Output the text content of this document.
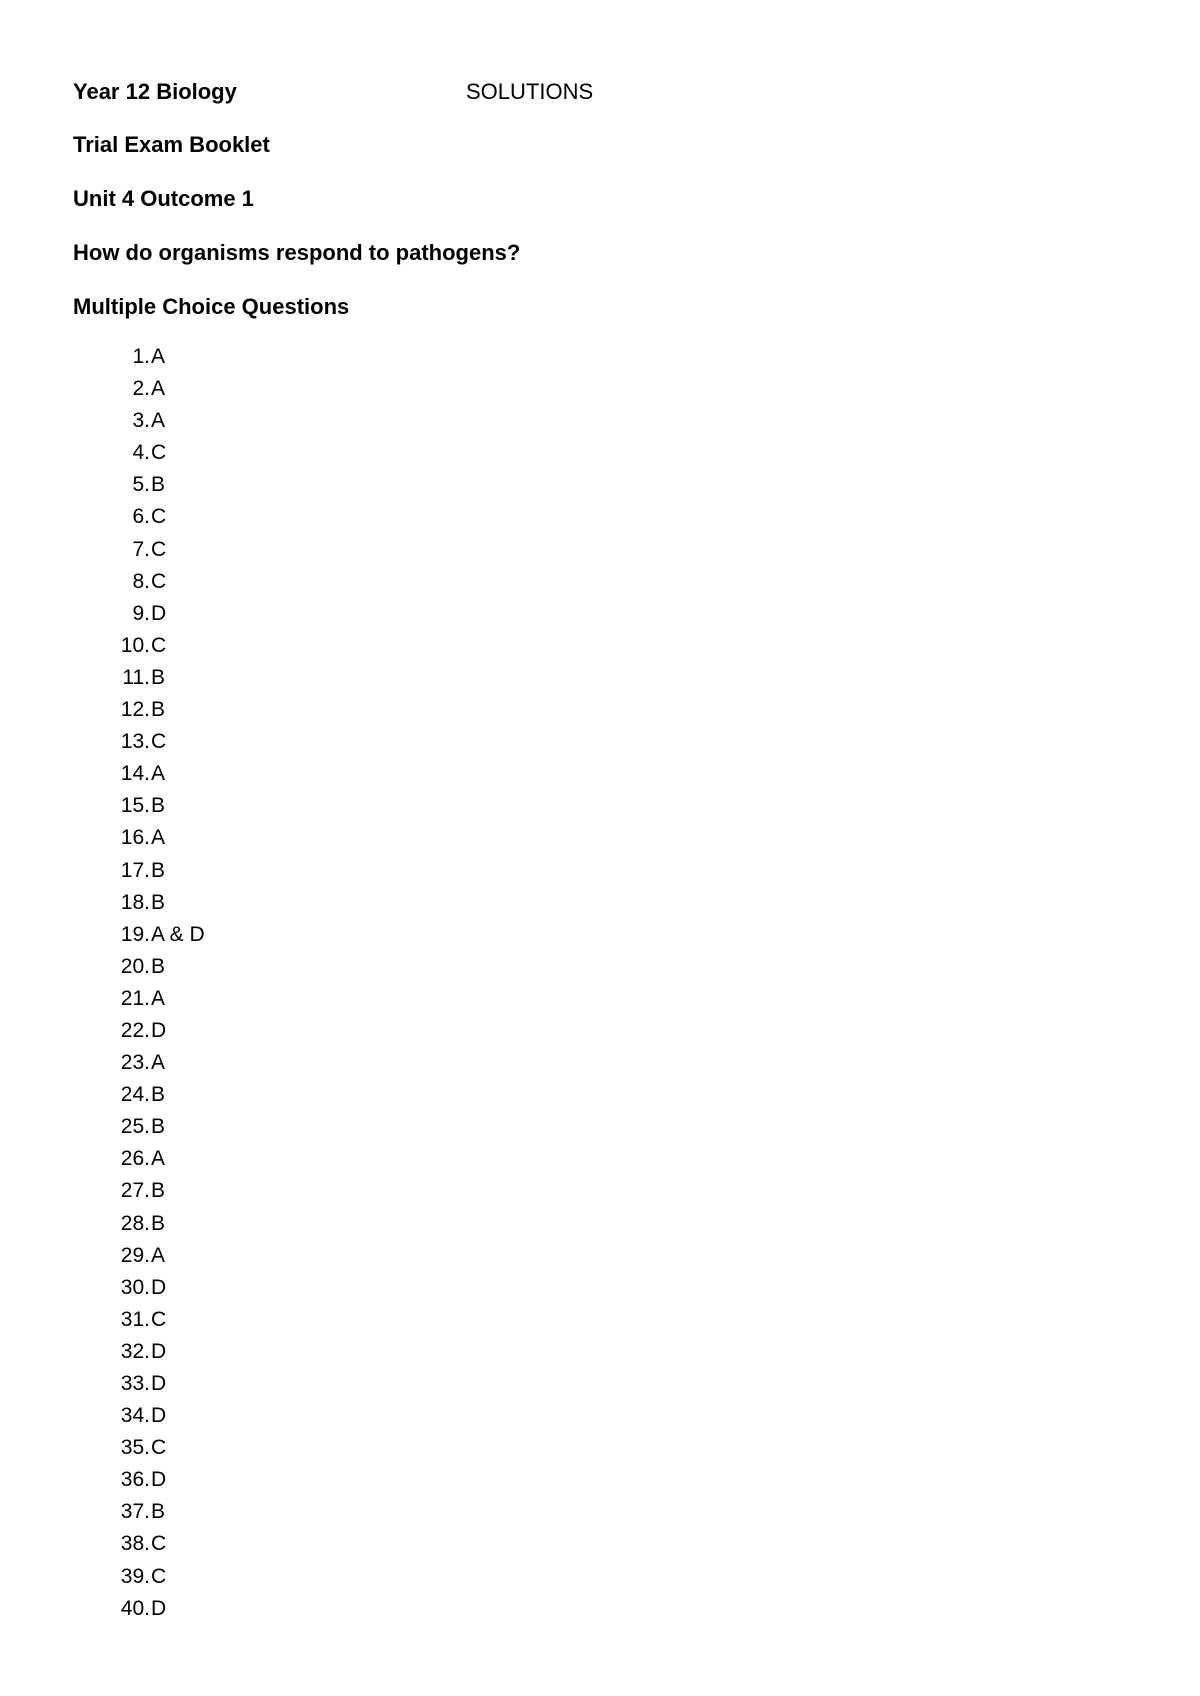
Year 12 Biology	SOLUTIONS
Trial Exam Booklet
Unit 4 Outcome 1
How do organisms respond to pathogens?
Multiple Choice Questions
1. A
2. A
3. A
4. C
5. B
6. C
7. C
8. C
9. D
10. C
11. B
12. B
13. C
14. A
15. B
16. A
17. B
18. B
19. A & D
20. B
21. A
22. D
23. A
24. B
25. B
26. A
27. B
28. B
29. A
30. D
31. C
32. D
33. D
34. D
35. C
36. D
37. B
38. C
39. C
40. D
